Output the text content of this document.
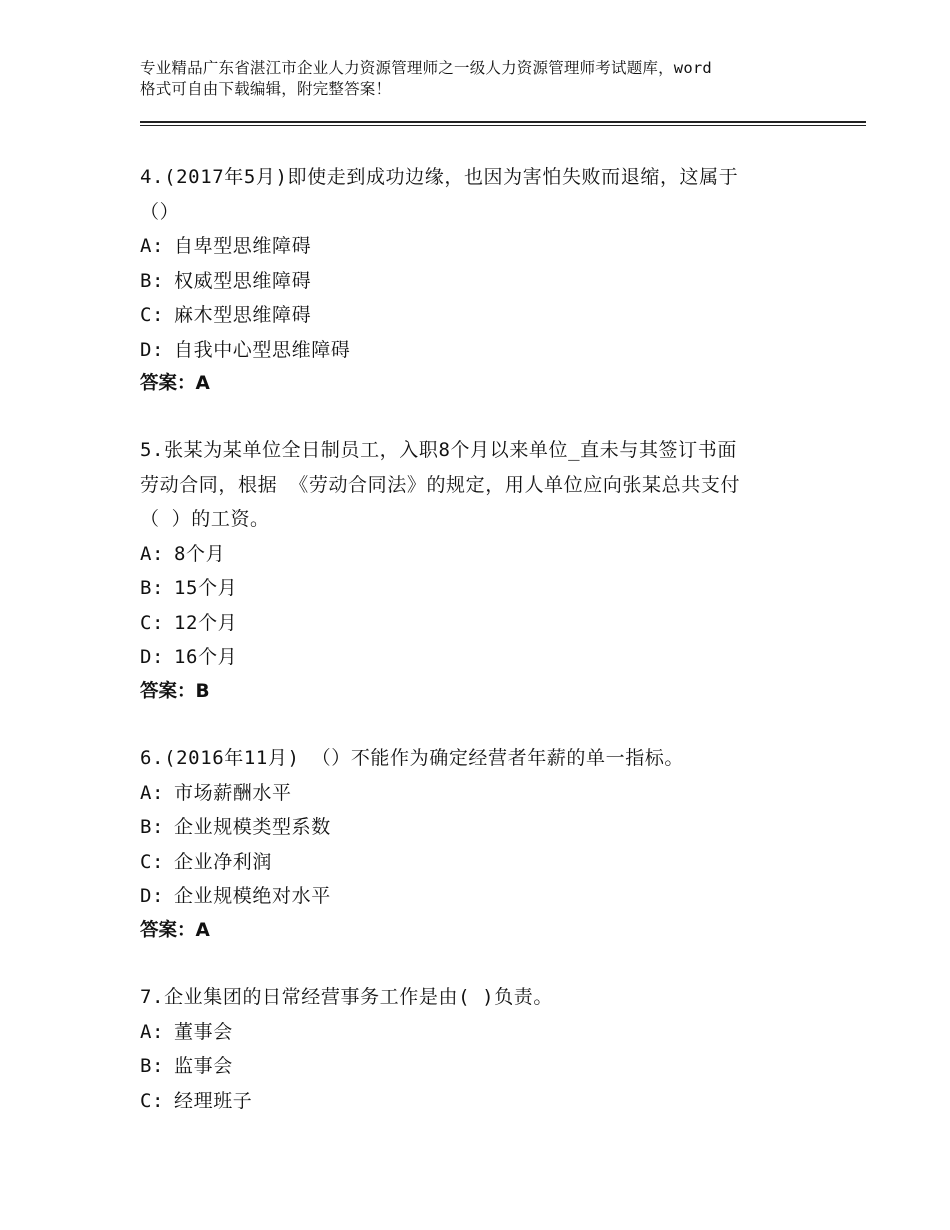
专业精品广东省湛江市企业人力资源管理师之一级人力资源管理师考试题库，word
格式可自由下载编辑，附完整答案！

4.(2017年5月)即使走到成功边缘，也因为害怕失败而退缩，这属于

（）

A: 自卑型思维障碍

B: 权威型思维障碍

C: 麻木型思维障碍

D: 自我中心型思维障碍

答案：A

5.张某为某单位全日制员工，入职8个月以来单位_直未与其签订书面

劳动合同，根据 《劳动合同法》的规定，用人单位应向张某总共支付

（ ）的工资。

A: 8个月

B: 15个月

C: 12个月

D: 16个月

答案：B

6.(2016年11月) （）不能作为确定经营者年薪的单一指标。

A: 市场薪酬水平

B: 企业规模类型系数

C: 企业净利润

D: 企业规模绝对水平

答案：A

7.企业集团的日常经营事务工作是由( )负责。

A: 董事会

B: 监事会

C: 经理班子
